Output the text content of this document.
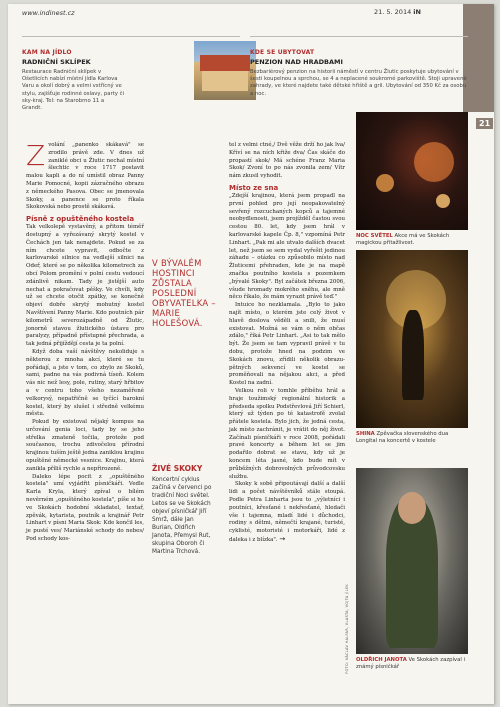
www.indinest.cz	21. 5. 2014 iN
21
KAM NA JÍDLO
RADNIČNÍ SKLÍPEK
Restaurace Radniční sklípek v Ošetlicích nabízí místní jídla Karlova Varu a okolí dobrý a velmi vstřícný ve stylu, zajišťuje rodinné oslavy, party či sky-kraj. Tel: na Starobrno 11 a Grandt.
KDE SE UBYTOVAT
PENZION NAD HRADBAMI
Bezbariérový penzion na historii náměstí v centru Žlutic poskytuje ubytování v šesti koupelnou a sprchou, se 4 a neplacené soukromé parkoviště. Stoji upravené zahrady, ve které najdete také dětské hřiště a gril. Ubytování od 350 Kč za osobu a noc.
Z volání „panenko skákavá" se zrodilo právě zde. V dnes už zaniklé obci u Žlutic nechal místní šlechtic v roce 1717 postavit malou kapli a do ní umístil obraz Panny Marie Pomocné, kopii zázračného obrazu z německého Pasova. Obec se jmenovala Skoky, a panence se proto říkala Skokovská nebo prostě skákavá.

Písně z opuštěného kostela

Tak velkolepě vystavěný, a přitom téměř dostupný a vyřezávaný skrytý kostel v Čechách jen tak nenajdete. Pokud se za ním chcete vypravit, odbočte z karlovarské silnice na vedlejší silnici na Odeř, které se po několika kilometrech za obcí Polom promění v polní cestu vedoucí zdánlivě nikam. Tady je jistější auto nechat a pokračovat pěšky. Ve chvíli, kdy už se chcete otočit zpátky, se konečně objeví dobře skrytý mohutný kostel Navštívení Panny Marie. Kdo poutních pár kilometrů severozápadně od Žlutic, jonorně stavou žlutického ústavu pro paralyzy, případně přístupné přechrada, a tak jedná přijíždějí cesta je ta polní.

Když doba vaší návštěvy nekoliduje s některou z mnoha akcí, které se tu pořádají, a jste v tom, co zbylo ze Skoků, sami, padne na vás podivná tíseň. Kolem vás nic než lesy, pole, rutiny, starý hřbitov a v centru toho všeho nezaměřené velkorysý, nepatřičně se tyčící barokní kostel, který by slušel i středně velkému městu.

Pokud by existoval nějaký kompus na určování genia loci, tady by se jeho střelka zmateně točila, protože pod současnou, trochu zdivočelou přírodní krajinou tuším ještě jedna zaniklou krajinu opuštěné německé vesnice. Krajinu, která zanikla příliš rychle a nepřirozeně.

Daleko lépe pocit z „opuštěného kostela" umí vyjádřit písničkáři. Vedle Karla Kryla, který zpíval o bílém nevěrném „opuštěného kostela", píše si ho ve Skokách hodobní skladatel, textař, zpěvák, kytarista, poutník a krajinář Petr Linhart v písni Maria Skok: Kde končil les, je pusté ves/ Mariánské schody do nebes/ Pod schody kos-

V BÝVALÉM HOSTINCI ZŮSTALA POSLEDNÍ OBYVATELKA – MARIE HOLEŠOVÁ.
ŽIVÉ SKOKY
Koncertní cyklus začíná v červenci po tradiční Noci světel. Letos se ve Skokách objeví písničkář Jiří Smrž, dále Jan Burian, Oldřich Janota, Přemysl Rut, skupina Oboroh či Martina Trchová.

tel z velmi ctné,/ Dvě věže drží ho jak lva/ Kříví se na ních křiže dva/ Čas skáče do propastí skok/ Má schéne Franz Maria Skok/ Zvoní to po nás zvonila zem/ Vítr nám zkusil vyhodit.

Místo ze sna

„Zdejší krajinou, která jsem propadl na první pohled pro její neopakovatelný sevřený rozcuchaných kopců a tajemné neobydlenosti, jsem projížděl častou svou cestou 80. let, kdy jsem hrál v karlovarské kapele Čp. 8," vzpomíná Petr Linhart. „Pak mi ale utvalo dalších dvacet let, než jsem se sem vydal vyřešit jedinou záhadu – otázku co způsobilo místo nad Žluticemi přehraden, kde je na mapě značka poutního kostela s pozemkem „bývalé Skoky". Byl začátek března 2006, všude hromady mokrého sněhu, ale mně něco říkalo, že mám vyrazit právě teď."

Intuice ho nezklamala. „Bylo to jako najít místo, o kterém jste celý život v hlavě doslova věděli a snili, že musí existovat. Možná se vám o něm občas zdálo," říká Petr Linhart. „Asi to tak mělo být. Že jsem se tam vypravil právě v tu dobu, protože hned na podzim ve Skokách znovu, zřídili několik obrazu-pětných sekvencí ve kostel se proměňovali na nějakou akci, a před Kostel na zadní.

Velkou roli v tomhle příběhu hrál a hraje toužimský regionální historik a předseda spolku Podstřevlová Jiří Schierl, který už týden po té katastrofě zvolal přátele kostela. Bylo jich, že jedná cesta, jak místo zachránit, je vrátit do něj život. Začínali písničkáři v roce 2008, pořádali pravé koncerty a během let se jim podařilo dobrat se stavu, kdy už je koncem léta jasné, kdo bude mít v průběžných dobrovolných průvodcovsku službu.

Skoky k sobě připoutávají další a další lidi a počet návštěvníků stále stoupá. Podle Petra Linharta jsou to „výletníci i poutníci, křesťané i nekřesťané, hledači vše i tajemna, mladí lidé i důchodci, rodiny s dětmi, němečtí krajané, turisté, cyklisté, motoristé i motorkáři, lidé z daleka i z blízka". →

NOC SVĚTEL Akce má ve Skokách magickou přitažlivost.
SHINA Zpěvačka slovenského dua Longital na koncertě v kostele
OLDŘICH JANOTA Ve Skokách zazpíval i známý písničkář
FOTO: VÁCLAV HALFAR, VLASTA, VOJTA JÍLEK
